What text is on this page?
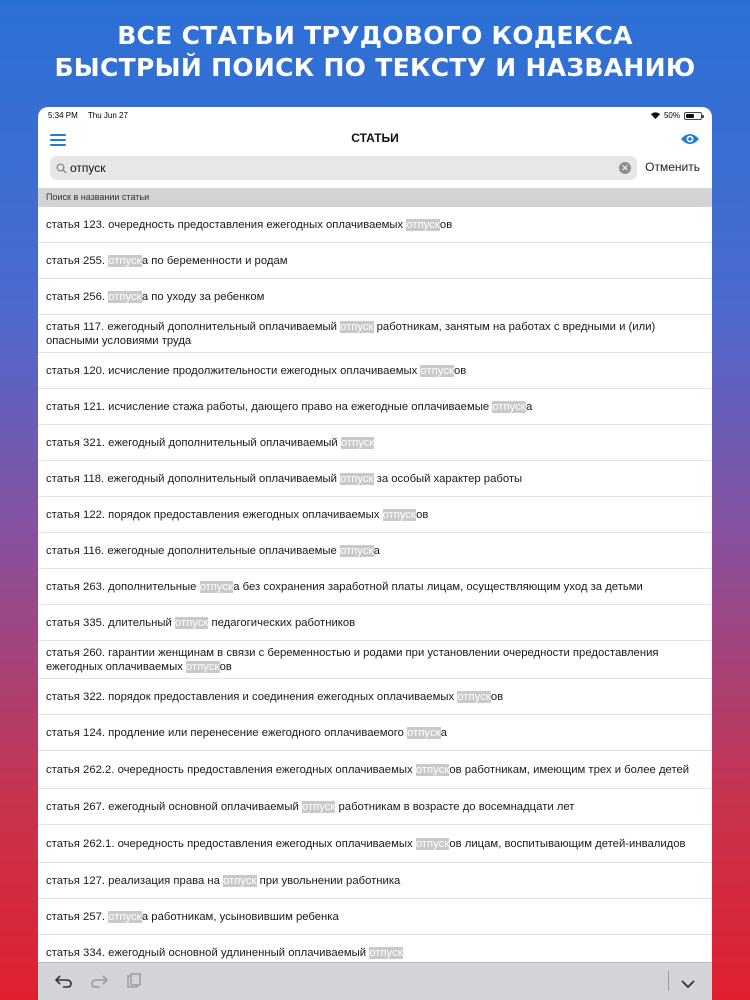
ВСЕ СТАТЬИ ТРУДОВОГО КОДЕКСА
БЫСТРЫЙ ПОИСК ПО ТЕКСТУ И НАЗВАНИЮ
5:34 PM Thu Jun 27	50%
СТАТЬИ
отпуск
✕ Отменить
Поиск в названии статьи
статья 123. очередность предоставления ежегодных оплачиваемых отпусков
статья 255. отпуска по беременности и родам
статья 256. отпуска по уходу за ребенком
статья 117. ежегодный дополнительный оплачиваемый отпуск работникам, занятым на работах с вредными и (или) опасными условиями труда
статья 120. исчисление продолжительности ежегодных оплачиваемых отпусков
статья 121. исчисление стажа работы, дающего право на ежегодные оплачиваемые отпуска
статья 321. ежегодный дополнительный оплачиваемый отпуск
статья 118. ежегодный дополнительный оплачиваемый отпуск за особый характер работы
статья 122. порядок предоставления ежегодных оплачиваемых отпусков
статья 116. ежегодные дополнительные оплачиваемые отпуска
статья 263. дополнительные отпуска без сохранения заработной платы лицам, осуществляющим уход за детьми
статья 335. длительный отпуск педагогических работников
статья 260. гарантии женщинам в связи с беременностью и родами при установлении очередности предоставления ежегодных оплачиваемых отпусков
статья 322. порядок предоставления и соединения ежегодных оплачиваемых отпусков
статья 124. продление или перенесение ежегодного оплачиваемого отпуска
статья 262.2. очередность предоставления ежегодных оплачиваемых отпусков работникам, имеющим трех и более детей
статья 267. ежегодный основной оплачиваемый отпуск работникам в возрасте до восемнадцати лет
статья 262.1. очередность предоставления ежегодных оплачиваемых отпусков лицам, воспитывающим детей-инвалидов
статья 127. реализация права на отпуск при увольнении работника
статья 257. отпуска работникам, усыновившим ребенка
статья 334. ежегодный основной удлиненный оплачиваемый отпуск
